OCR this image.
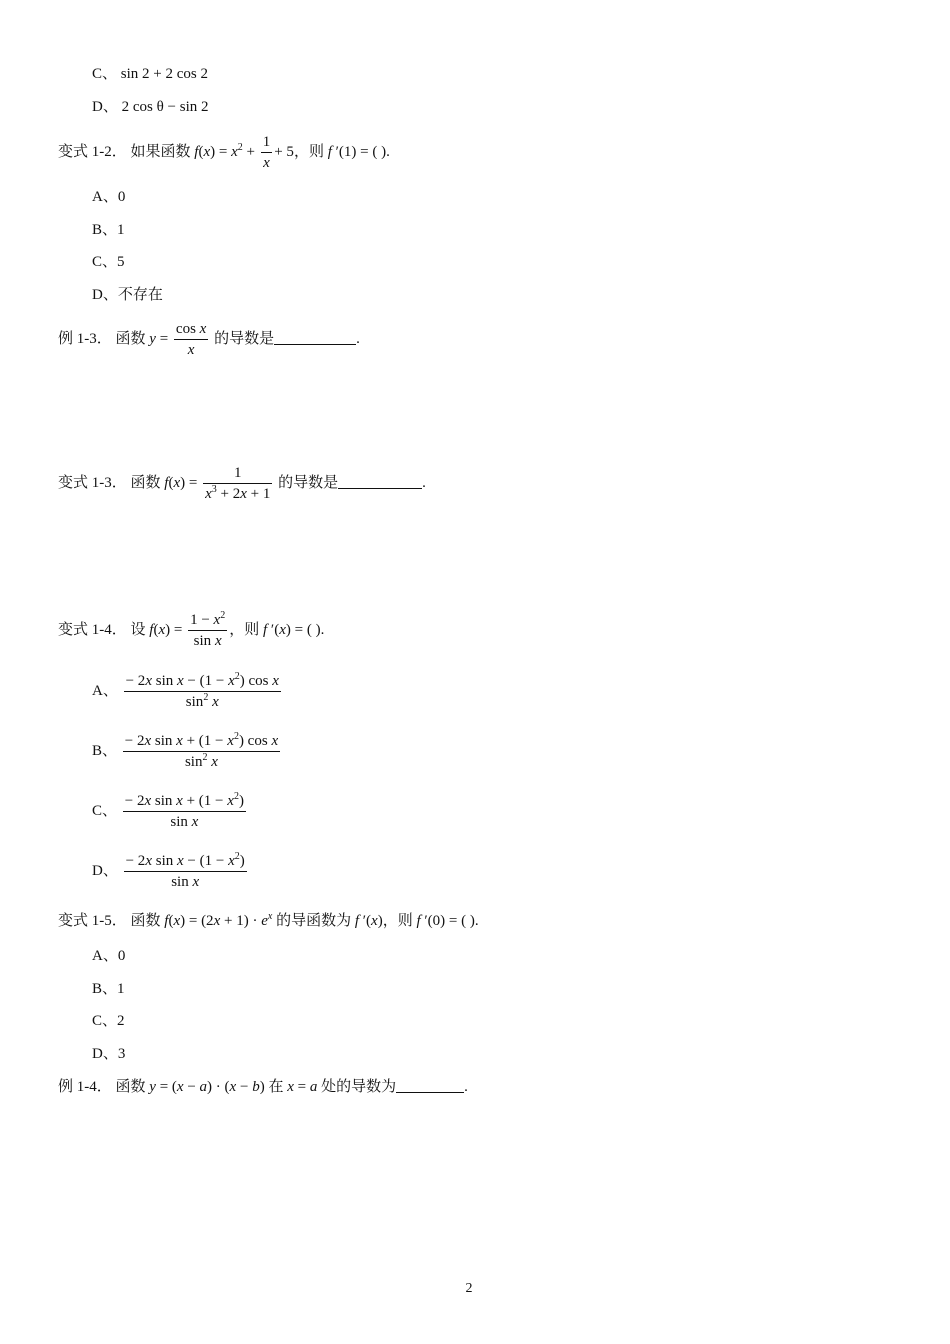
C、 sin 2 + 2 cos 2
D、 2 cos θ − sin 2
变式 1-2． 如果函数 $f(x) = x^2 + \frac{1}{x} + 5$，则 f ′(1) = ( ).
A、0
B、1
C、5
D、不存在
例 1-3． 函数 $y = \frac{\text{cos x}}{x}$ 的导数是	.
变式 1-3． 函数 $f(x) = \frac{1}{x^3 + 2x + 1}$ 的导数是	.
变式 1-4． 设 $f(x) = \frac{1 - x^2}{\text{sin x}}$ ，则 f ′(x) = ( ).
A、 $\frac{- 2x \sin x - (1 - x^2) \cos x}{\sin^2 x}$
B、 $\frac{- 2x \sin x + (1 - x^2) \cos x}{\sin^2 x}$
C、 $\frac{- 2x \sin x + (1 - x^2)}{\text{sin x}}$
D、 $\frac{- 2x \sin x - (1 - x^2)}{\text{sin x}}$
变式 1-5． 函数 $f(x) = (2x + 1) \cdot e^x$ 的导函数为 f ′(x)，则 f ′(0) = ( ).
A、0
B、1
C、2
D、3
例 1-4． 函数 y = (x − a) · (x − b) 在 x = a 处的导数为	.
2
